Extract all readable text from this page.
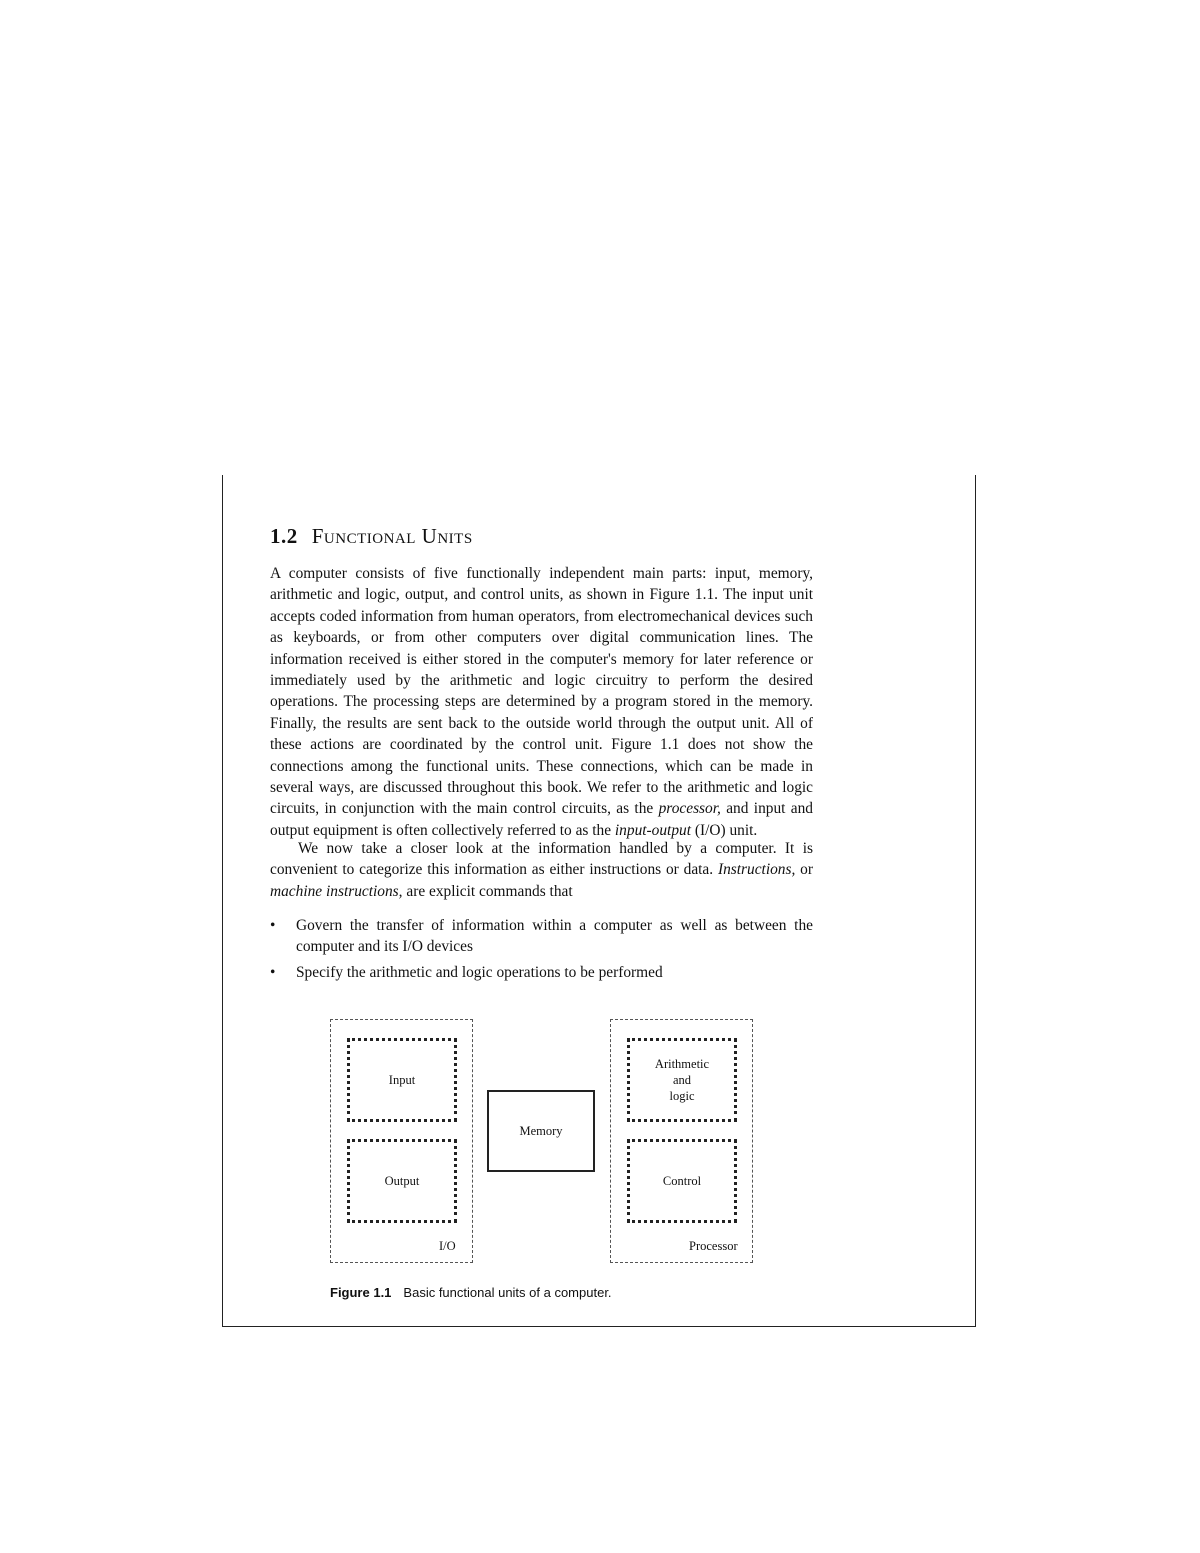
1.2 Functional Units

A computer consists of five functionally independent main parts: input, memory, arithmetic and logic, output, and control units, as shown in Figure 1.1. The input unit accepts coded information from human operators, from electromechanical devices such as keyboards, or from other computers over digital communication lines. The information received is either stored in the computer's memory for later reference or immediately used by the arithmetic and logic circuitry to perform the desired operations. The processing steps are determined by a program stored in the memory. Finally, the results are sent back to the outside world through the output unit. All of these actions are coordinated by the control unit. Figure 1.1 does not show the connections among the functional units. These connections, which can be made in several ways, are discussed throughout this book. We refer to the arithmetic and logic circuits, in conjunction with the main control circuits, as the processor, and input and output equipment is often collectively referred to as the input-output (I/O) unit.

We now take a closer look at the information handled by a computer. It is convenient to categorize this information as either instructions or data. Instructions, or machine instructions, are explicit commands that

• Govern the transfer of information within a computer as well as between the computer and its I/O devices
• Specify the arithmetic and logic operations to be performed
Input
Output
Memory
Arithmetic
and
logic
Control
I/O	Processor
Figure 1.1 Basic functional units of a computer.
